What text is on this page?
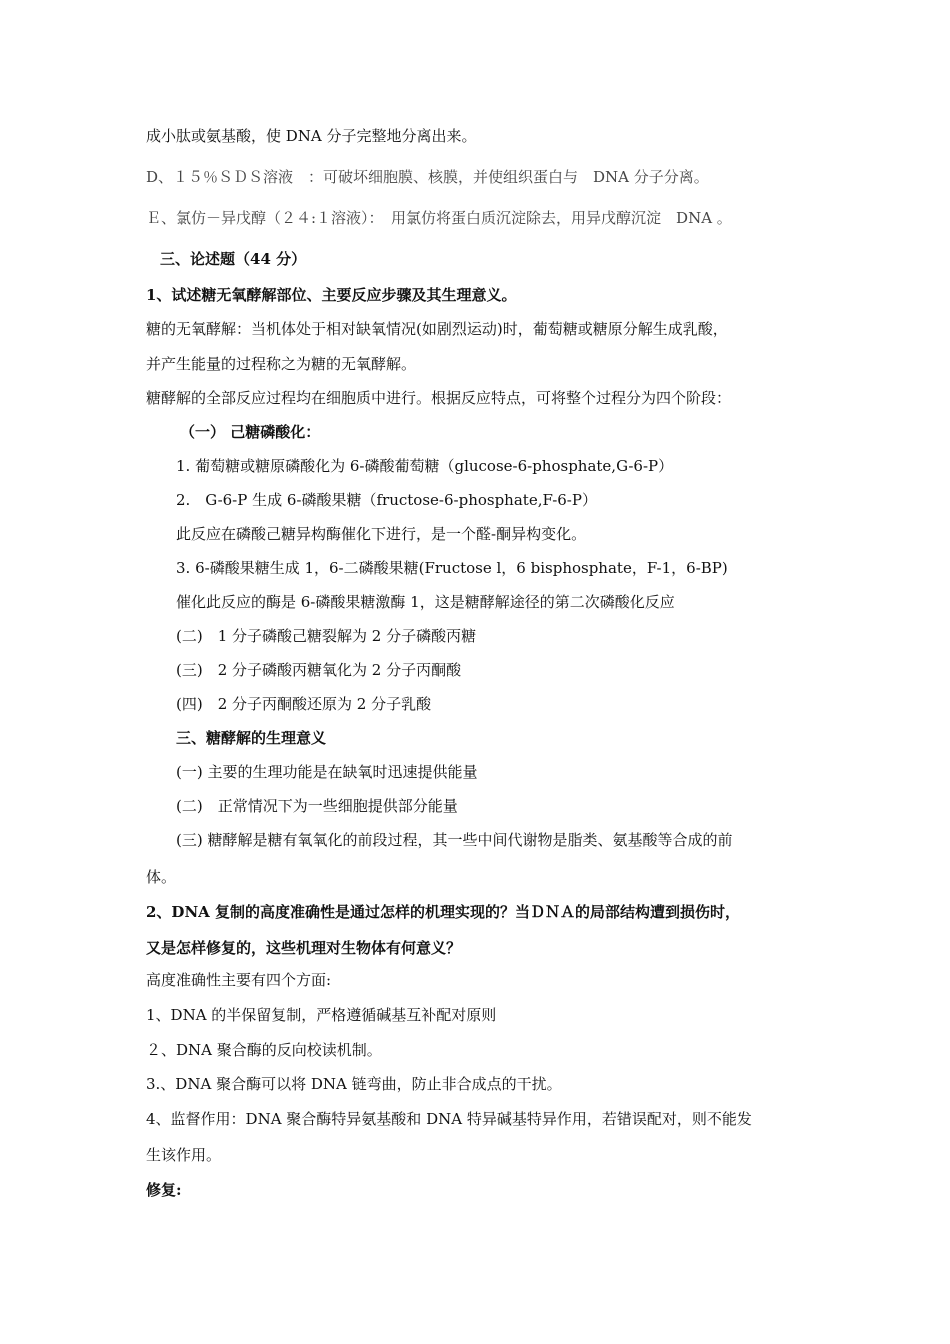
成小肽或氨基酸，使 DNA 分子完整地分离出来。
D、１５％ＳＤＳ溶液　：可破坏细胞膜、核膜，并使组织蛋白与　DNA 分子分离。
Ｅ、氯仿－异戊醇（２４:１溶液）：　用氯仿将蛋白质沉淀除去，用异戊醇沉淀　DNA 。
三、论述题（44 分）
1、试述糖无氧酵解部位、主要反应步骤及其生理意义。
糖的无氧酵解：当机体处于相对缺氧情况(如剧烈运动)时，葡萄糖或糖原分解生成乳酸，
并产生能量的过程称之为糖的无氧酵解。
糖酵解的全部反应过程均在细胞质中进行。根据反应特点，可将整个过程分为四个阶段：
（一） 己糖磷酸化：
1. 葡萄糖或糖原磷酸化为 6-磷酸葡萄糖（glucose-6-phosphate,G-6-P）
2.　G-6-P 生成 6-磷酸果糖（fructose-6-phosphate,F-6-P）
此反应在磷酸己糖异构酶催化下进行，是一个醛-酮异构变化。
3. 6-磷酸果糖生成 1，6-二磷酸果糖(Fructose l，6 bisphosphate，F-1，6-BP)
催化此反应的酶是 6-磷酸果糖激酶 1，这是糖酵解途径的第二次磷酸化反应
(二)　1 分子磷酸己糖裂解为 2 分子磷酸丙糖
(三)　2 分子磷酸丙糖氧化为 2 分子丙酮酸
(四)　2 分子丙酮酸还原为 2 分子乳酸
三、糖酵解的生理意义
(一) 主要的生理功能是在缺氧时迅速提供能量
(二)　正常情况下为一些细胞提供部分能量
(三) 糖酵解是糖有氧氧化的前段过程，其一些中间代谢物是脂类、氨基酸等合成的前
体。
2、DNA 复制的高度准确性是通过怎样的机理实现的？当ＤＮＡ的局部结构遭到损伤时，
又是怎样修复的，这些机理对生物体有何意义？
高度准确性主要有四个方面:
1、DNA 的半保留复制，严格遵循碱基互补配对原则
２、DNA 聚合酶的反向校读机制。
3.、DNA 聚合酶可以将 DNA 链弯曲，防止非合成点的干扰。
4、监督作用：DNA 聚合酶特异氨基酸和 DNA 特异碱基特异作用，若错误配对，则不能发
生该作用。
修复:
